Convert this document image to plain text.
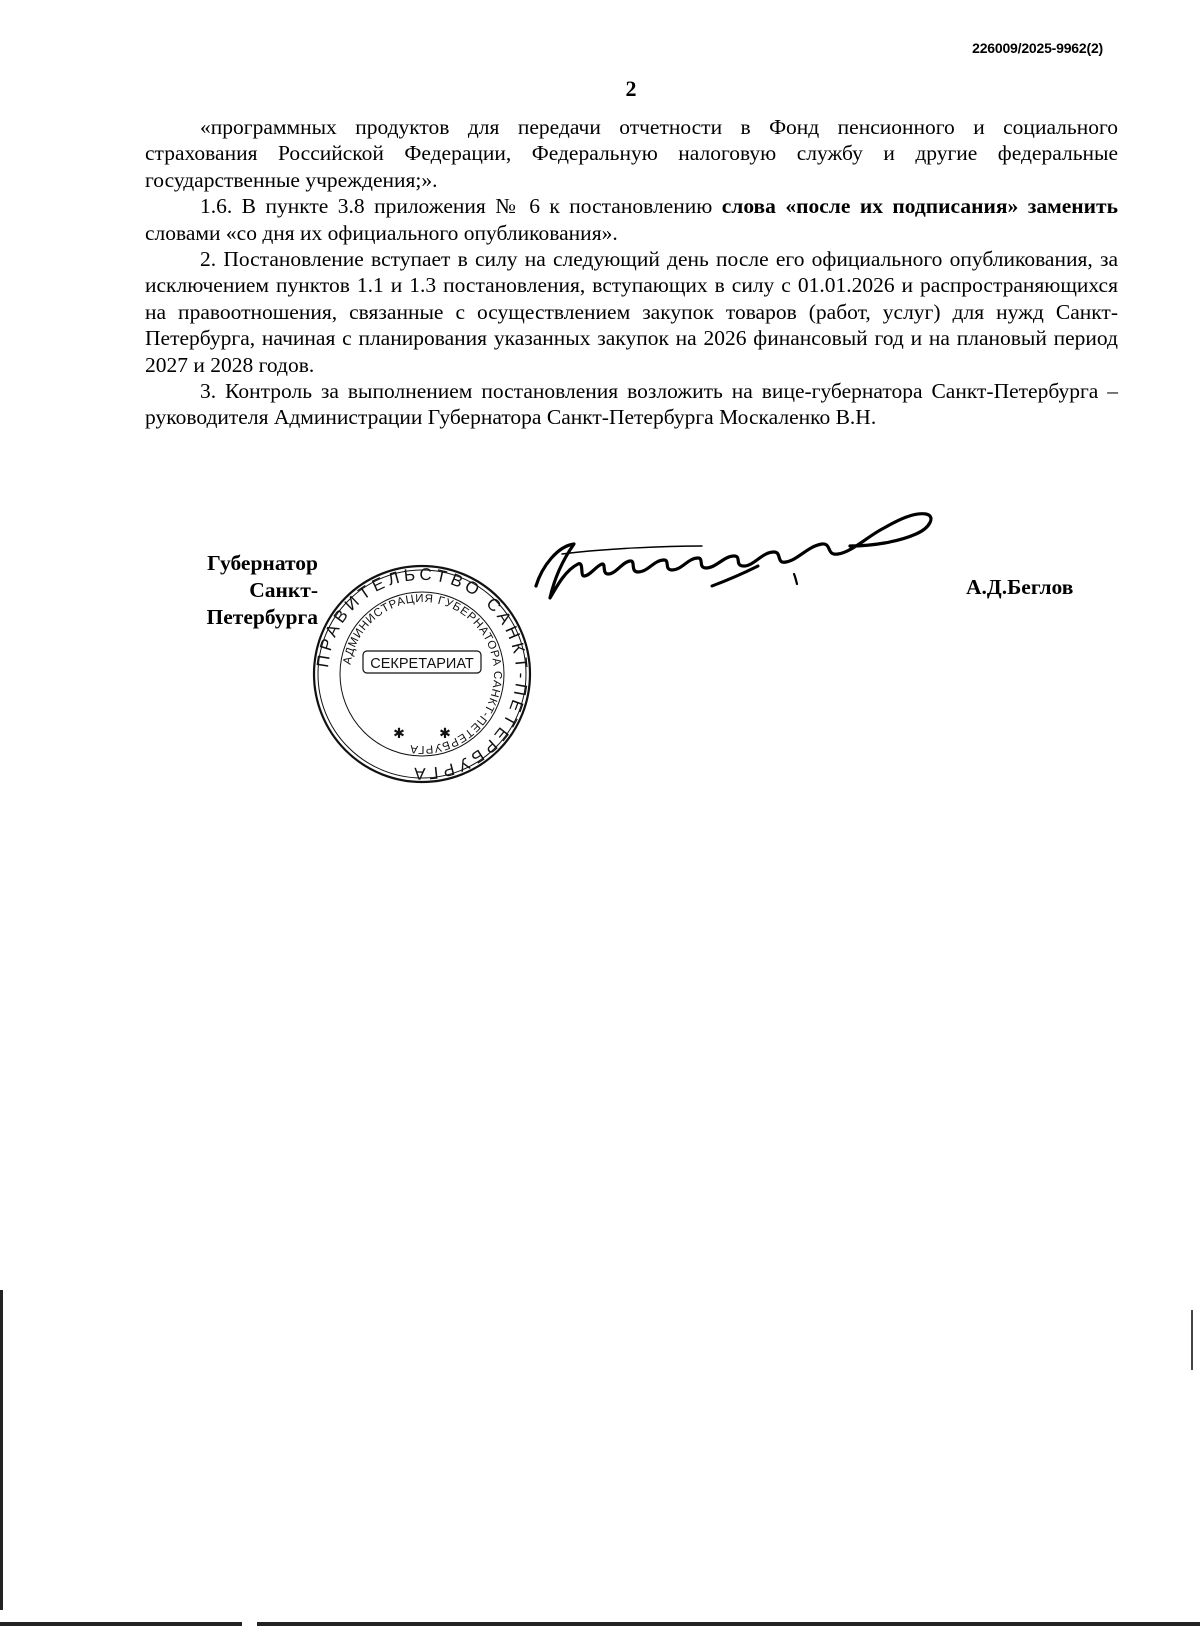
226009/2025-9962(2)
2

«программных продуктов для передачи отчетности в Фонд пенсионного и социального страхования Российской Федерации, Федеральную налоговую службу и другие федеральные государственные учреждения;».

1.6. В пункте 3.8 приложения № 6 к постановлению слова «после их подписания» заменить словами «со дня их официального опубликования».

2. Постановление вступает в силу на следующий день после его официального опубликования, за исключением пунктов 1.1 и 1.3 постановления, вступающих в силу с 01.01.2026 и распространяющихся на правоотношения, связанные с осуществлением закупок товаров (работ, услуг) для нужд Санкт-Петербурга, начиная с планирования указанных закупок на 2026 финансовый год и на плановый период 2027 и 2028 годов.

3. Контроль за выполнением постановления возложить на вице-губернатора Санкт-Петербурга – руководителя Администрации Губернатора Санкт-Петербурга Москаленко В.Н.

Губернатор
Санкт-Петербурга
А.Д.Беглов
ПРАВИТЕЛЬСТВО САНКТ-ПЕТЕРБУРГА
АДМИНИСТРАЦИЯ ГУБЕРНАТОРА САНКТ-ПЕТЕРБУРГА
СЕКРЕТАРИАТ
✱ ✱
